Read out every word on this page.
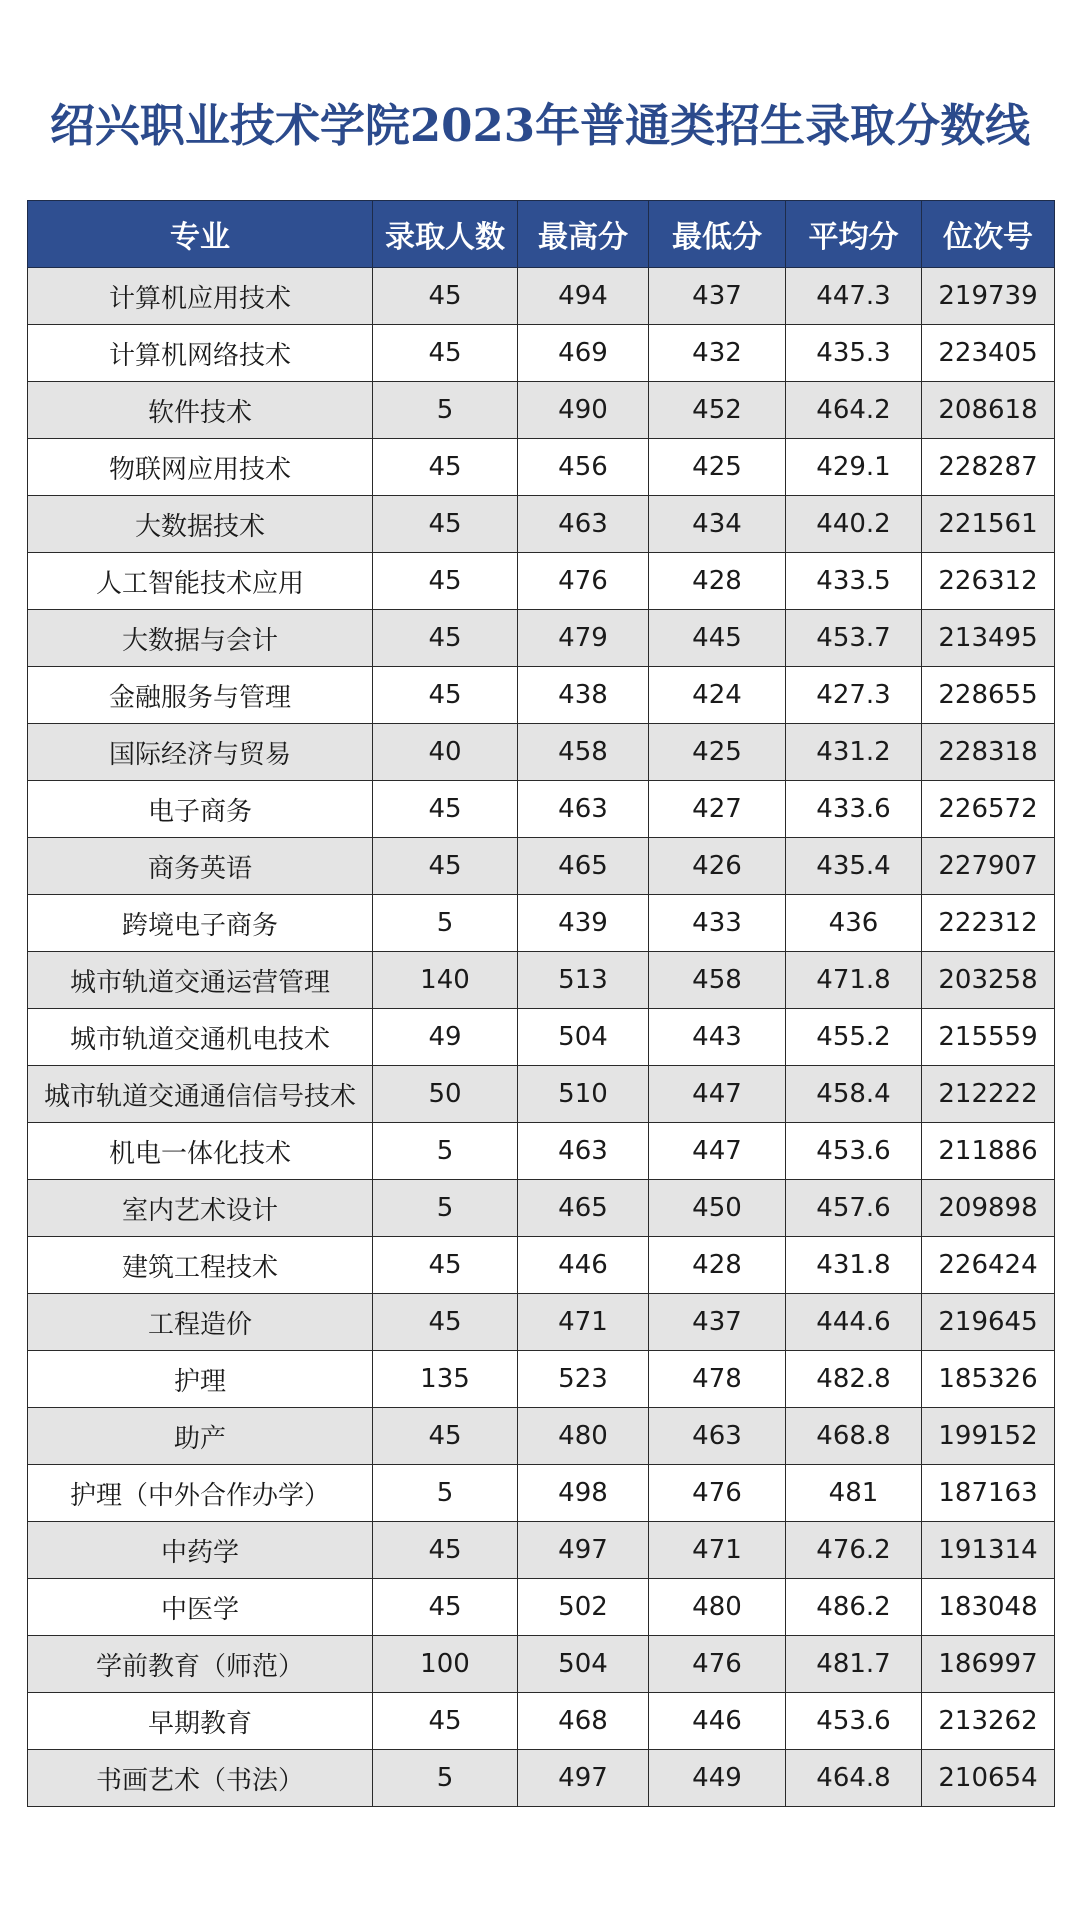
绍兴职业技术学院2023年普通类招生录取分数线
专业	录取人数	最高分	最低分	平均分	位次号
计算机应用技术	45	494	437	447.3	219739
计算机网络技术	45	469	432	435.3	223405
软件技术	5	490	452	464.2	208618
物联网应用技术	45	456	425	429.1	228287
大数据技术	45	463	434	440.2	221561
人工智能技术应用	45	476	428	433.5	226312
大数据与会计	45	479	445	453.7	213495
金融服务与管理	45	438	424	427.3	228655
国际经济与贸易	40	458	425	431.2	228318
电子商务	45	463	427	433.6	226572
商务英语	45	465	426	435.4	227907
跨境电子商务	5	439	433	436	222312
城市轨道交通运营管理	140	513	458	471.8	203258
城市轨道交通机电技术	49	504	443	455.2	215559
城市轨道交通通信信号技术	50	510	447	458.4	212222
机电一体化技术	5	463	447	453.6	211886
室内艺术设计	5	465	450	457.6	209898
建筑工程技术	45	446	428	431.8	226424
工程造价	45	471	437	444.6	219645
护理	135	523	478	482.8	185326
助产	45	480	463	468.8	199152
护理（中外合作办学）	5	498	476	481	187163
中药学	45	497	471	476.2	191314
中医学	45	502	480	486.2	183048
学前教育（师范）	100	504	476	481.7	186997
早期教育	45	468	446	453.6	213262
书画艺术（书法）	5	497	449	464.8	210654
